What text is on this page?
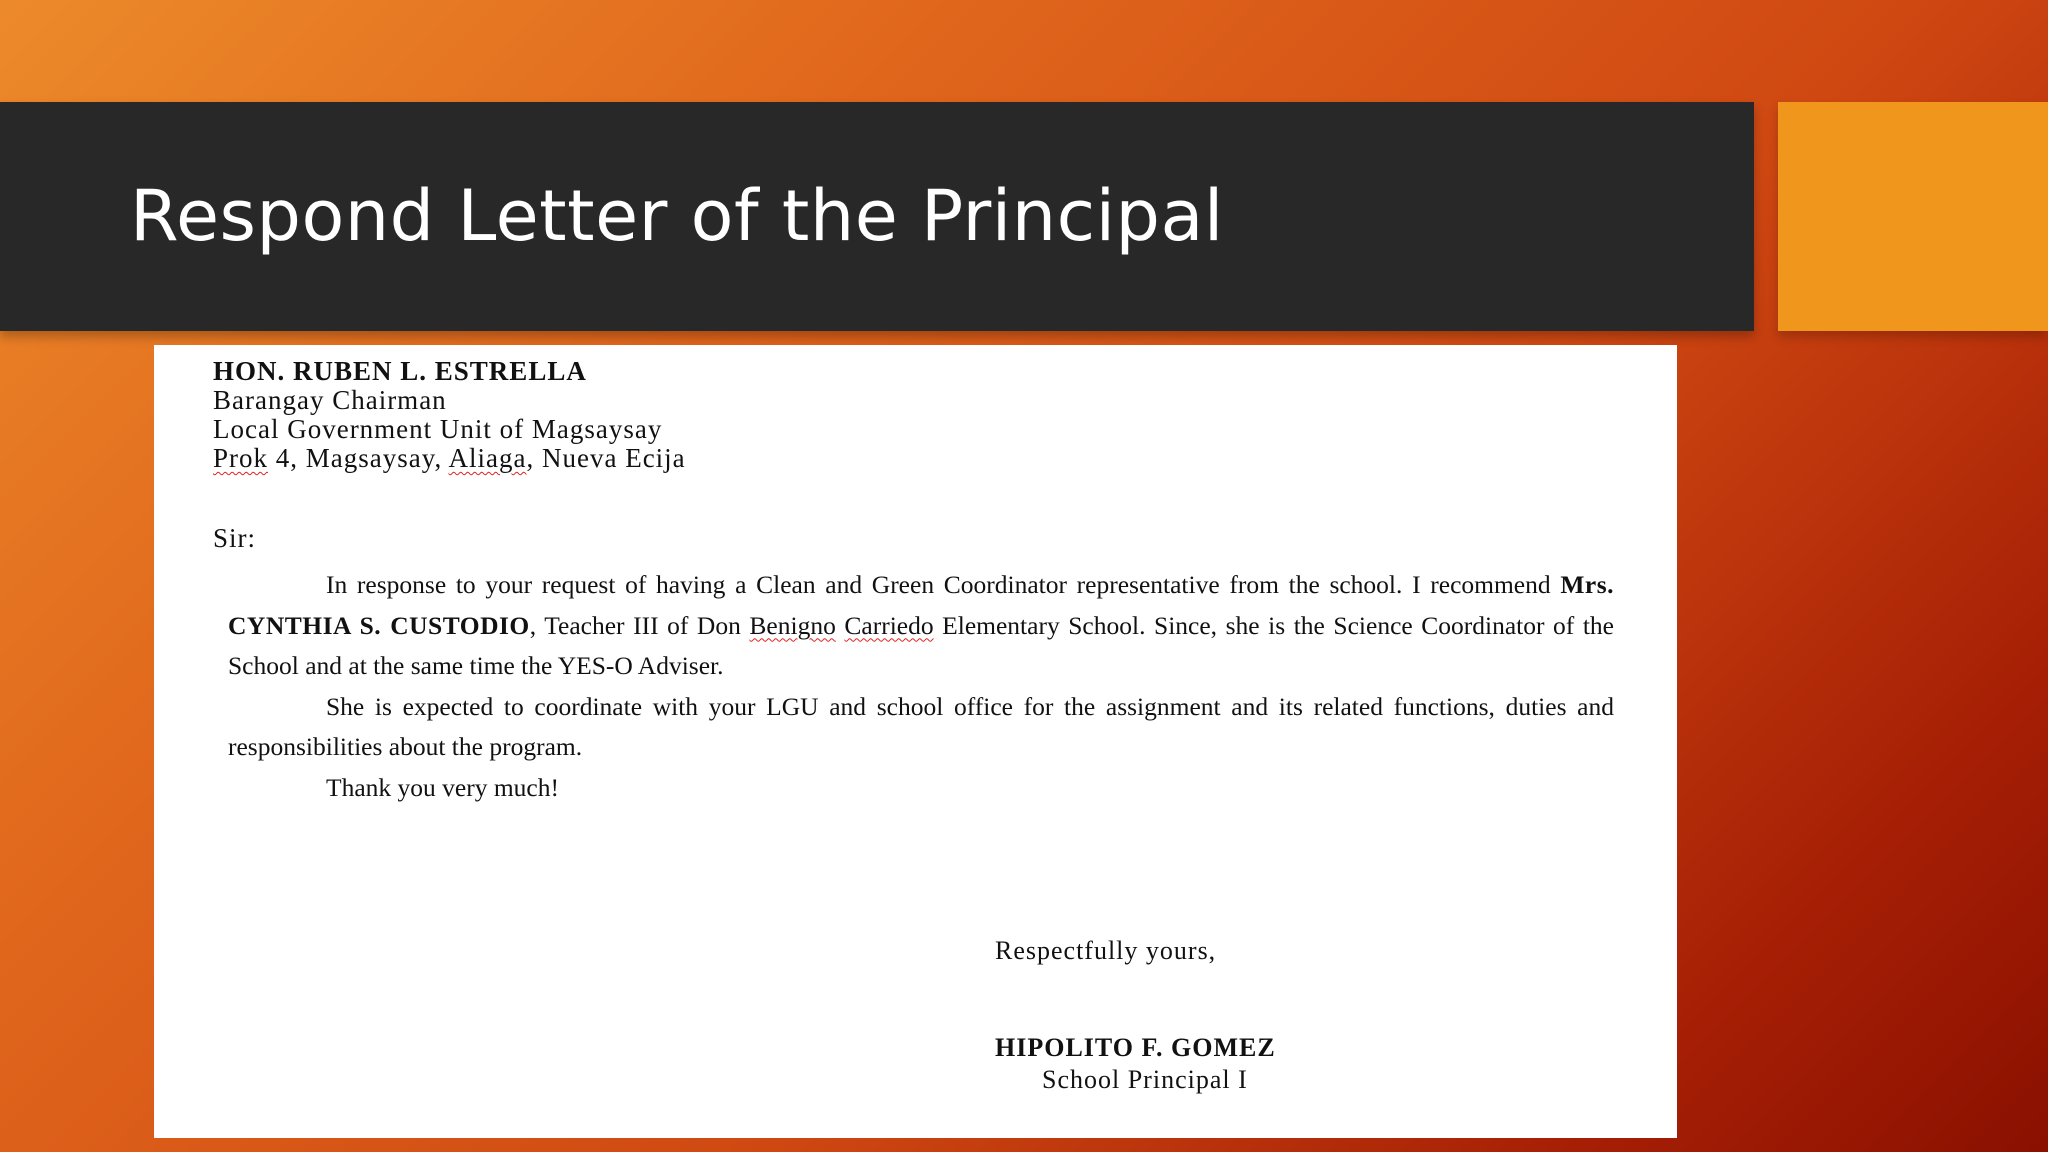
Respond Letter of the Principal
HON. RUBEN L. ESTRELLA
Barangay Chairman
Local Government Unit of Magsaysay
Prok 4, Magsaysay, Aliaga, Nueva Ecija
Sir:

In response to your request of having a Clean and Green Coordinator representative from the school. I recommend Mrs. CYNTHIA S. CUSTODIO, Teacher III of Don Benigno Carriedo Elementary School. Since, she is the Science Coordinator of the School and at the same time the YES-O Adviser.

She is expected to coordinate with your LGU and school office for the assignment and its related functions, duties and responsibilities about the program.

Thank you very much!

Respectfully yours,
HIPOLITO F. GOMEZ
School Principal I
